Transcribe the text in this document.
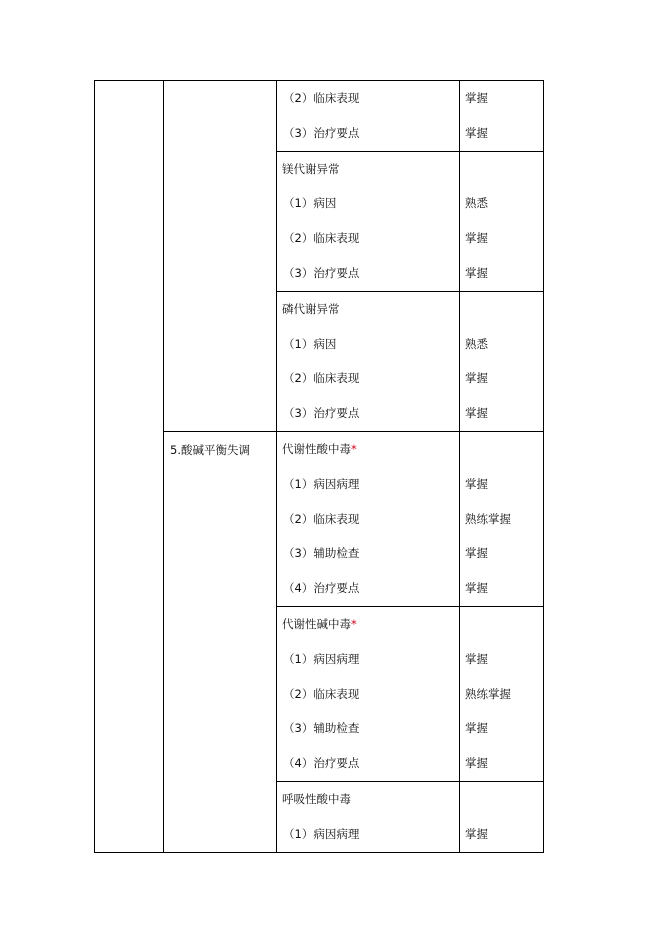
		（2）临床表现	掌握

		（3）治疗要点	掌握

		镁代谢异常	

		（1）病因	熟悉

		（2）临床表现	掌握

		（3）治疗要点	掌握

		磷代谢异常	

		（1）病因	熟悉

		（2）临床表现	掌握

		（3）治疗要点	掌握

	5.酸碱平衡失调	代谢性酸中毒*	

		（1）病因病理	掌握

		（2）临床表现	熟练掌握

		（3）辅助检查	掌握

		（4）治疗要点	掌握

		代谢性碱中毒*	

		（1）病因病理	掌握

		（2）临床表现	熟练掌握

		（3）辅助检查	掌握

		（4）治疗要点	掌握

		呼吸性酸中毒	

		（1）病因病理	掌握
